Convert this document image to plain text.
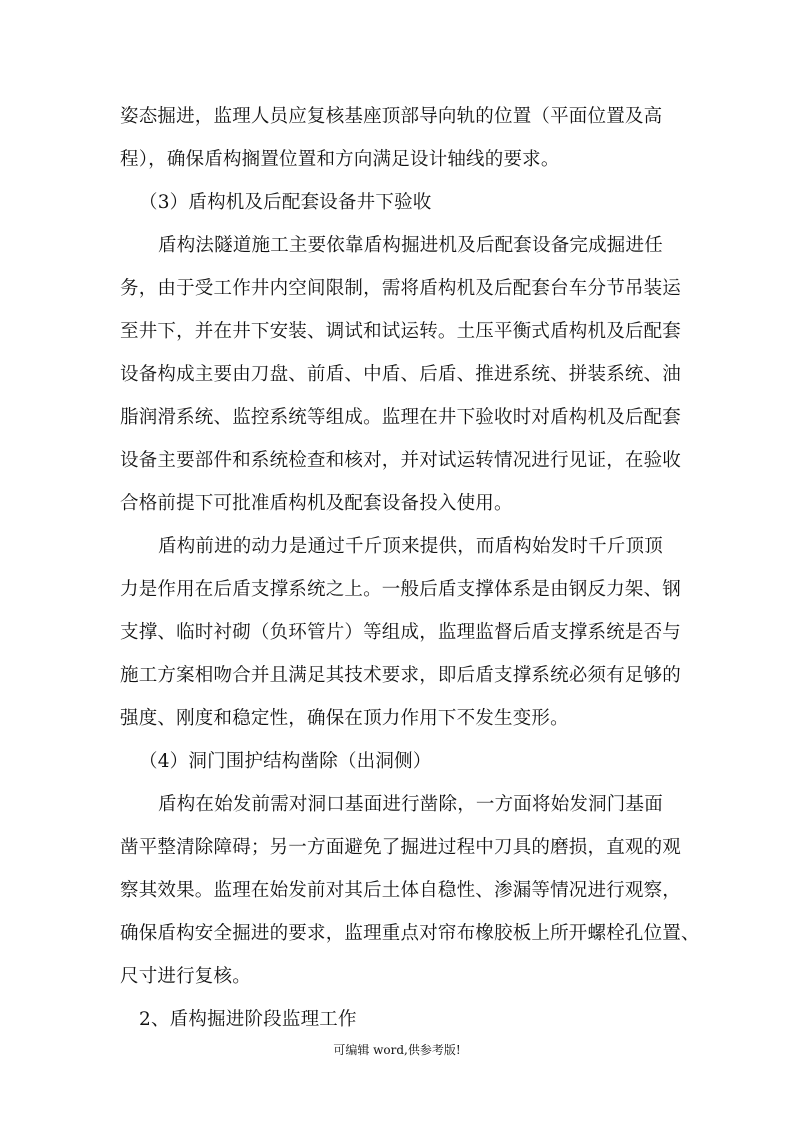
姿态掘进，监理人员应复核基座顶部导向轨的位置（平面位置及高
程），确保盾构搁置位置和方向满足设计轴线的要求。
（3）盾构机及后配套设备井下验收
盾构法隧道施工主要依靠盾构掘进机及后配套设备完成掘进任
务，由于受工作井内空间限制，需将盾构机及后配套台车分节吊装运
至井下，并在井下安装、调试和试运转。土压平衡式盾构机及后配套
设备构成主要由刀盘、前盾、中盾、后盾、推进系统、拼装系统、油
脂润滑系统、监控系统等组成。监理在井下验收时对盾构机及后配套
设备主要部件和系统检查和核对，并对试运转情况进行见证，在验收
合格前提下可批准盾构机及配套设备投入使用。
盾构前进的动力是通过千斤顶来提供，而盾构始发时千斤顶顶
力是作用在后盾支撑系统之上。一般后盾支撑体系是由钢反力架、钢
支撑、临时衬砌（负环管片）等组成，监理监督后盾支撑系统是否与
施工方案相吻合并且满足其技术要求，即后盾支撑系统必须有足够的
强度、刚度和稳定性，确保在顶力作用下不发生变形。
（4）洞门围护结构凿除（出洞侧）
盾构在始发前需对洞口基面进行凿除，一方面将始发洞门基面
凿平整清除障碍；另一方面避免了掘进过程中刀具的磨损，直观的观
察其效果。监理在始发前对其后土体自稳性、渗漏等情况进行观察，
确保盾构安全掘进的要求，监理重点对帘布橡胶板上所开螺栓孔位置、
尺寸进行复核。
2、盾构掘进阶段监理工作
可编辑 word,供参考版!
